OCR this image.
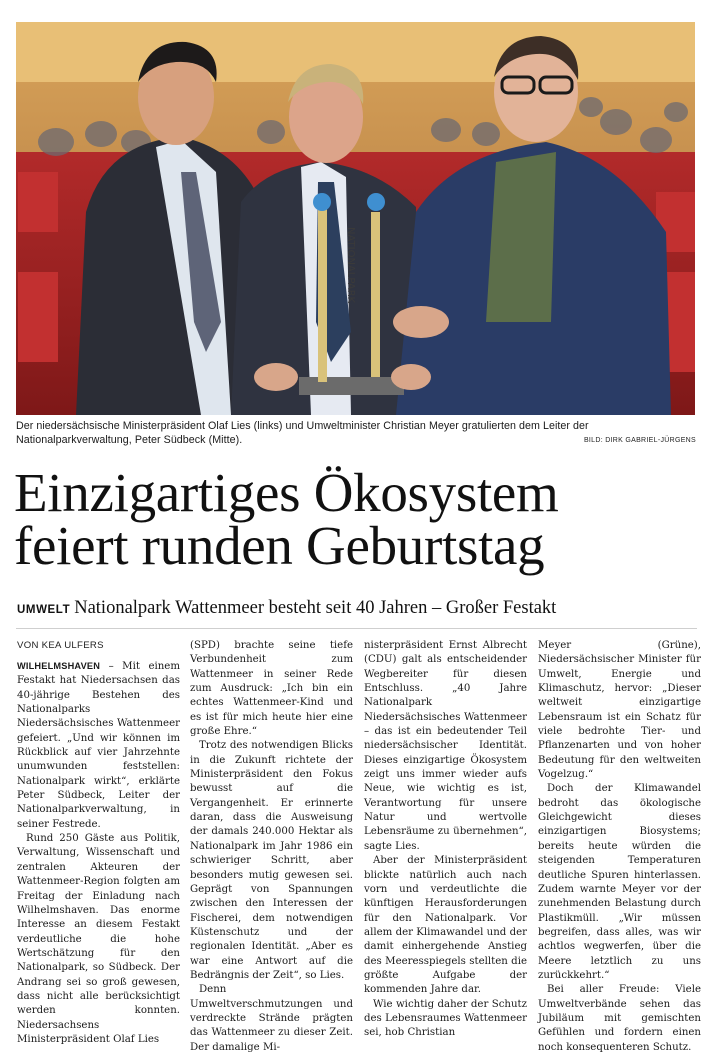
NATIONALPARK
Der niedersächsische Ministerpräsident Olaf Lies (links) und Umweltminister Christian Meyer gratulierten dem Leiter der Nationalparkverwaltung, Peter Südbeck (Mitte).	BILD: DIRK GABRIEL-JÜRGENS
Einzigartiges Ökosystem
feiert runden Geburtstag
UMWELT Nationalpark Wattenmeer besteht seit 40 Jahren – Großer Festakt
VON KEA ULFERS

WILHELMSHAVEN – Mit einem Festakt hat Niedersachsen das 40-jährige Bestehen des Nationalparks Niedersächsisches Wattenmeer gefeiert. „Und wir können im Rückblick auf vier Jahrzehnte unumwunden feststellen: Nationalpark wirkt“, erklärte Peter Südbeck, Leiter der Nationalparkverwaltung, in seiner Festrede.

Rund 250 Gäste aus Politik, Verwaltung, Wissenschaft und zentralen Akteuren der Wattenmeer-Region folgten am Freitag der Einladung nach Wilhelmshaven. Das enorme Interesse an diesem Festakt verdeutliche die hohe Wertschätzung für den Nationalpark, so Südbeck. Der Andrang sei so groß gewesen, dass nicht alle berücksichtigt werden konnten. Niedersachsens Ministerpräsident Olaf Lies

(SPD) brachte seine tiefe Verbundenheit zum Wattenmeer in seiner Rede zum Ausdruck: „Ich bin ein echtes Wattenmeer-Kind und es ist für mich heute hier eine große Ehre.“

Trotz des notwendigen Blicks in die Zukunft richtete der Ministerpräsident den Fokus bewusst auf die Vergangenheit. Er erinnerte daran, dass die Ausweisung der damals 240.000 Hektar als Nationalpark im Jahr 1986 ein schwieriger Schritt, aber besonders mutig gewesen sei. Geprägt von Spannungen zwischen den Interessen der Fischerei, dem notwendigen Küstenschutz und der regionalen Identität. „Aber es war eine Antwort auf die Bedrängnis der Zeit“, so Lies.

Denn Umweltverschmutzungen und verdreckte Strände prägten das Wattenmeer zu dieser Zeit. Der damalige Mi-

nisterpräsident Ernst Albrecht (CDU) galt als entscheidender Wegbereiter für diesen Entschluss. „40 Jahre Nationalpark Niedersächsisches Wattenmeer – das ist ein bedeutender Teil niedersächsischer Identität. Dieses einzigartige Ökosystem zeigt uns immer wieder aufs Neue, wie wichtig es ist, Verantwortung für unsere Natur und wertvolle Lebensräume zu übernehmen“, sagte Lies.

Aber der Ministerpräsident blickte natürlich auch nach vorn und verdeutlichte die künftigen Herausforderungen für den Nationalpark. Vor allem der Klimawandel und der damit einhergehende Anstieg des Meeresspiegels stellten die größte Aufgabe der kommenden Jahre dar.

Wie wichtig daher der Schutz des Lebensraumes Wattenmeer sei, hob Christian

Meyer (Grüne), Niedersächsischer Minister für Umwelt, Energie und Klimaschutz, hervor: „Dieser weltweit einzigartige Lebensraum ist ein Schatz für viele bedrohte Tier- und Pflanzenarten und von hoher Bedeutung für den weltweiten Vogelzug.“

Doch der Klimawandel bedroht das ökologische Gleichgewicht dieses einzigartigen Biosystems; bereits heute würden die steigenden Temperaturen deutliche Spuren hinterlassen. Zudem warnte Meyer vor der zunehmenden Belastung durch Plastikmüll. „Wir müssen begreifen, dass alles, was wir achtlos wegwerfen, über die Meere letztlich zu uns zurückkehrt.“

Bei aller Freude: Viele Umweltverbände sehen das Jubiläum mit gemischten Gefühlen und fordern einen noch konsequenteren Schutz.
